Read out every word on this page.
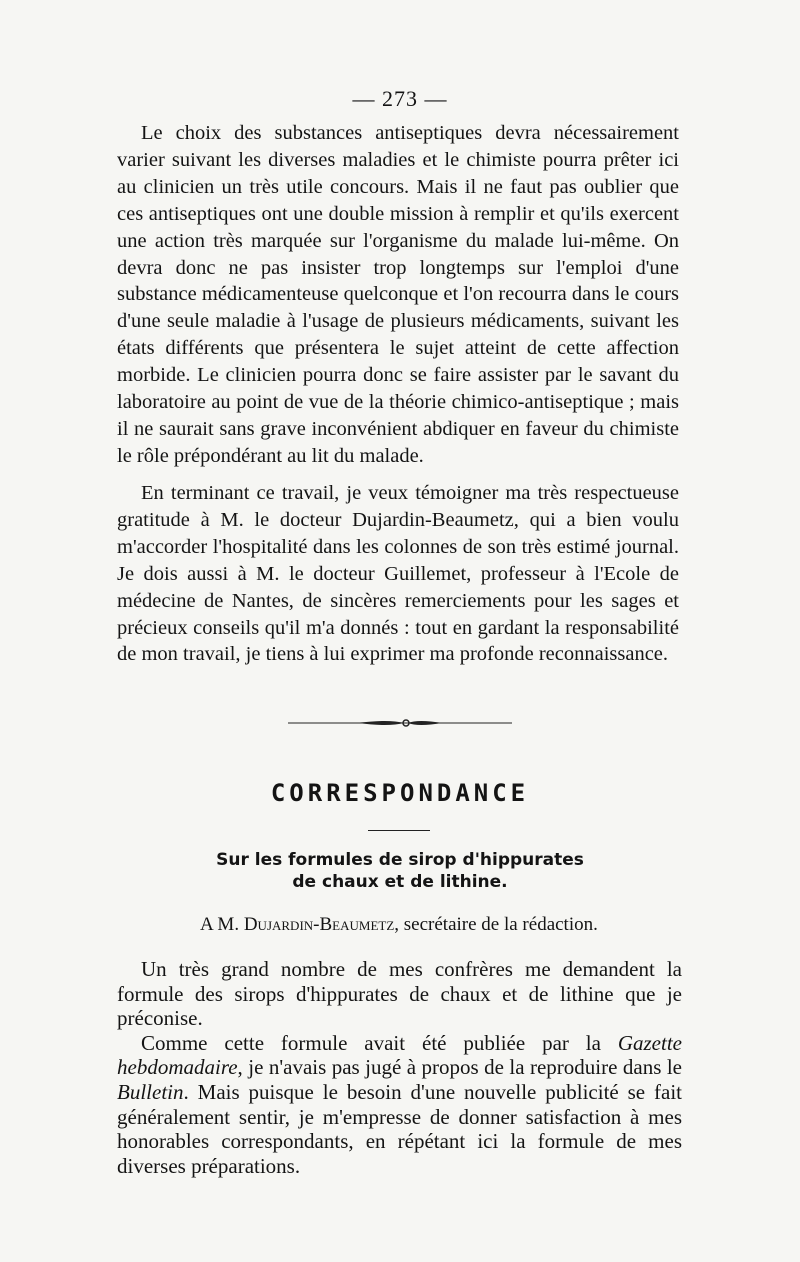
— 273 —

Le choix des substances antiseptiques devra nécessairement varier suivant les diverses maladies et le chimiste pourra prêter ici au clinicien un très utile concours. Mais il ne faut pas oublier que ces antiseptiques ont une double mission à remplir et qu'ils exercent une action très marquée sur l'organisme du malade lui-même. On devra donc ne pas insister trop longtemps sur l'emploi d'une substance médicamenteuse quelconque et l'on recourra dans le cours d'une seule maladie à l'usage de plusieurs médicaments, suivant les états différents que présentera le sujet atteint de cette affection morbide. Le clinicien pourra donc se faire assister par le savant du laboratoire au point de vue de la théorie chimico-antiseptique ; mais il ne saurait sans grave inconvénient abdiquer en faveur du chimiste le rôle prépondérant au lit du malade.

En terminant ce travail, je veux témoigner ma très respectueuse gratitude à M. le docteur Dujardin-Beaumetz, qui a bien voulu m'accorder l'hospitalité dans les colonnes de son très estimé journal. Je dois aussi à M. le docteur Guillemet, professeur à l'Ecole de médecine de Nantes, de sincères remerciements pour les sages et précieux conseils qu'il m'a donnés : tout en gardant la responsabilité de mon travail, je tiens à lui exprimer ma profonde reconnaissance.

CORRESPONDANCE
Sur les formules de sirop d'hippurates
de chaux et de lithine.
A M. Dujardin-Beaumetz, secrétaire de la rédaction.

Un très grand nombre de mes confrères me demandent la formule des sirops d'hippurates de chaux et de lithine que je préconise.

Comme cette formule avait été publiée par la Gazette hebdomadaire, je n'avais pas jugé à propos de la reproduire dans le Bulletin. Mais puisque le besoin d'une nouvelle publicité se fait généralement sentir, je m'empresse de donner satisfaction à mes honorables correspondants, en répétant ici la formule de mes diverses préparations.
